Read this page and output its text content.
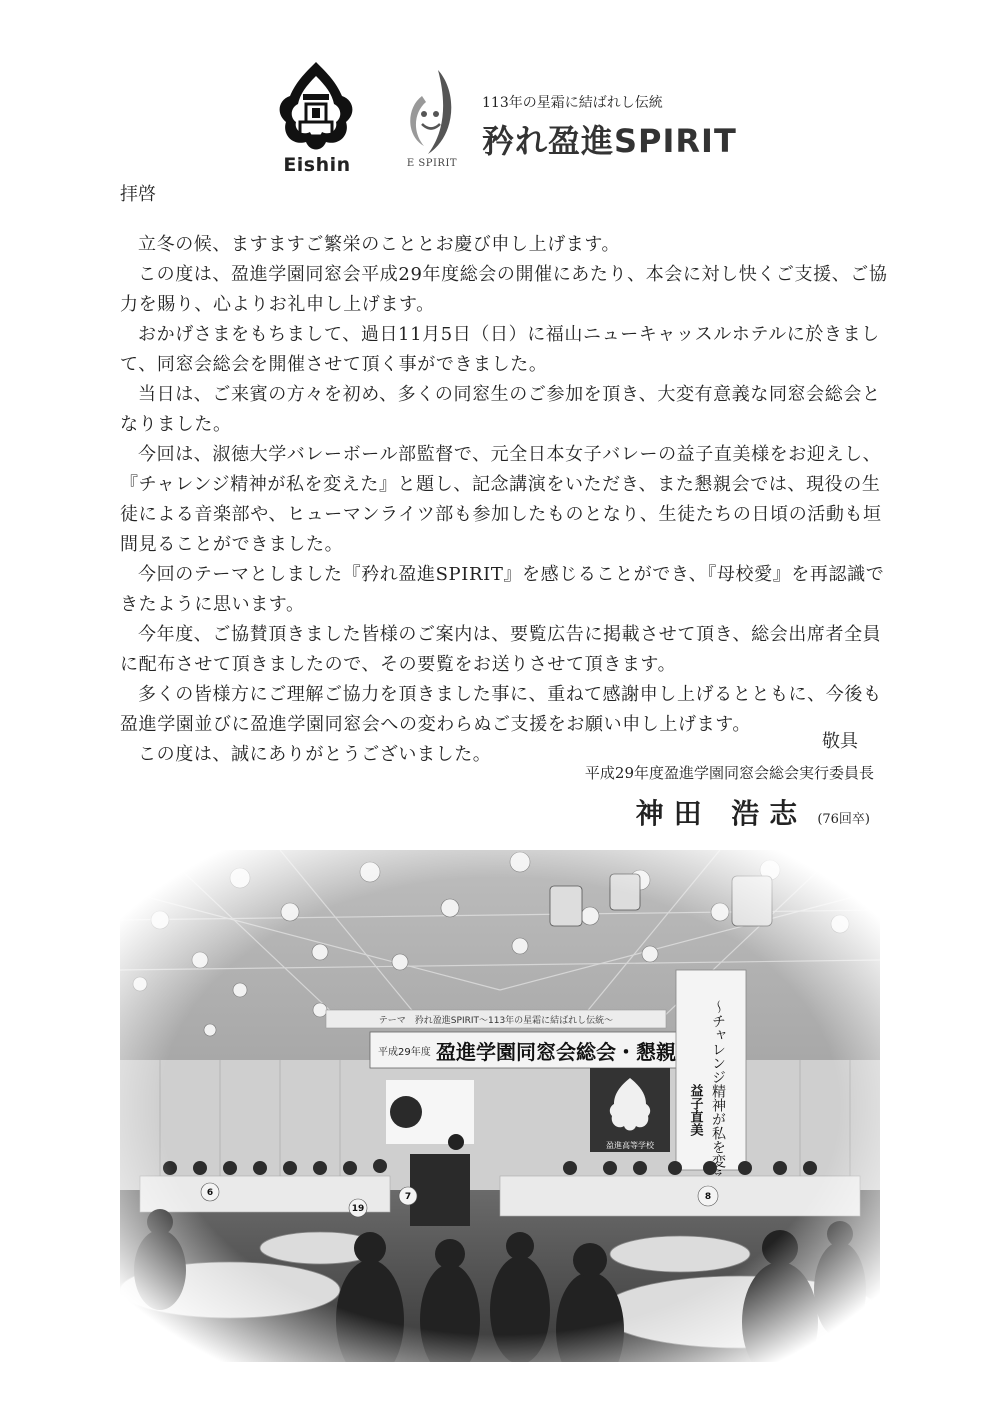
Eishin	E SPIRIT
113年の星霜に結ばれし伝統
矜れ盈進SPIRIT
拝啓

立冬の候、ますますご繁栄のこととお慶び申し上げます。

この度は、盈進学園同窓会平成29年度総会の開催にあたり、本会に対し快くご支援、ご協力を賜り、心よりお礼申し上げます。

おかげさまをもちまして、過日11月5日（日）に福山ニューキャッスルホテルに於きまして、同窓会総会を開催させて頂く事ができました。

当日は、ご来賓の方々を初め、多くの同窓生のご参加を頂き、大変有意義な同窓会総会となりました。

今回は、淑徳大学バレーボール部監督で、元全日本女子バレーの益子直美様をお迎えし、『チャレンジ精神が私を変えた』と題し、記念講演をいただき、また懇親会では、現役の生徒による音楽部や、ヒューマンライツ部も参加したものとなり、生徒たちの日頃の活動も垣間見ることができました。

今回のテーマとしました『矜れ盈進SPIRIT』を感じることができ、『母校愛』を再認識できたように思います。

今年度、ご協賛頂きました皆様のご案内は、要覧広告に掲載させて頂き、総会出席者全員に配布させて頂きましたので、その要覧をお送りさせて頂きます。

多くの皆様方にご理解ご協力を頂きました事に、重ねて感謝申し上げるとともに、今後も盈進学園並びに盈進学園同窓会への変わらぬご支援をお願い申し上げます。

この度は、誠にありがとうございました。

敬具
平成29年度盈進学園同窓会総会実行委員長
神田 浩志 (76回卒)
